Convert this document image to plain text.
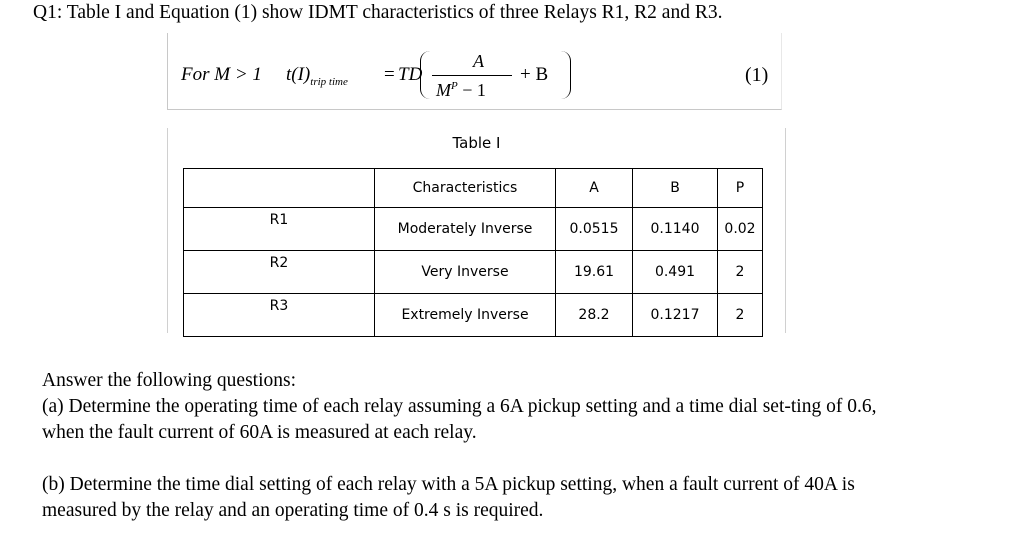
Q1: Table I and Equation (1) show IDMT characteristics of three Relays R1, R2 and R3.
For M > 1 $t(I)_{trip time}$ = TD
A
$M^P - 1$
+ B	(1)
Table I
	Characteristics	A	B	P
R1	Moderately Inverse	0.0515	0.1140	0.02
R2	Very Inverse	19.61	0.491	2
R3	Extremely Inverse	28.2	0.1217	2
Answer the following questions:
(a) Determine the operating time of each relay assuming a 6A pickup setting and a time dial set-ting of 0.6, when the fault current of 60A is measured at each relay.
(b) Determine the time dial setting of each relay with a 5A pickup setting, when a fault current of 40A is measured by the relay and an operating time of 0.4 s is required.
